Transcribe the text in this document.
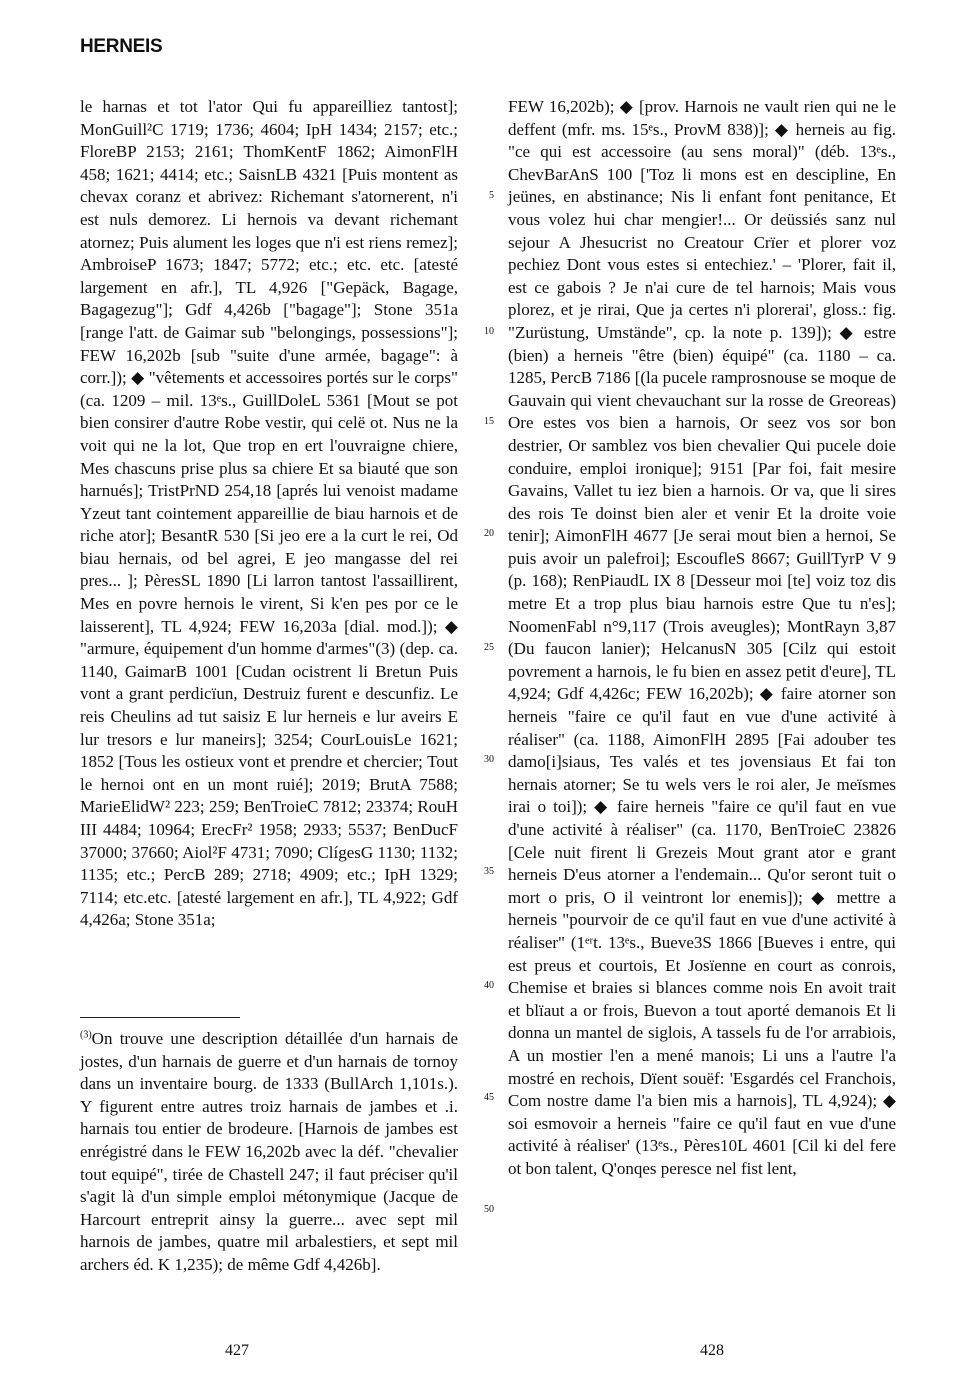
HERNEIS

le harnas et tot l'ator Qui fu appareilliez tantost]; MonGuill²C 1719; 1736; 4604; IpH 1434; 2157; etc.; FloreBP 2153; 2161; ThomKentF 1862; AimonFlH 458; 1621; 4414; etc.; SaisnLB 4321 [Puis montent as chevax coranz et abrivez: Richemant s'atornerent, n'i est nuls demorez. Li hernois va devant richemant atornez; Puis alument les loges que n'i est riens remez]; AmbroiseP 1673; 1847; 5772; etc.; etc. etc. [atesté largement en afr.], TL 4,926 ["Gepäck, Bagage, Bagagezug"]; Gdf 4,426b ["bagage"]; Stone 351a [range l'att. de Gaimar sub "belongings, possessions"]; FEW 16,202b [sub "suite d'une armée, bagage": à corr.]); ◆ "vêtements et accessoires portés sur le corps" (ca. 1209 – mil. 13ᵉs., GuillDoleL 5361 [Mout se pot bien consirer d'autre Robe vestir, qui celë ot. Nus ne la voit qui ne la lot, Que trop en ert l'ouvraigne chiere, Mes chascuns prise plus sa chiere Et sa biauté que son harnués]; TristPrND 254,18 [aprés lui venoist madame Yzeut tant cointement appareillie de biau harnois et de riche ator]; BesantR 530 [Si jeo ere a la curt le rei, Od biau hernais, od bel agrei, E jeo mangasse del rei pres... ]; PèresSL 1890 [Li larron tantost l'assaillirent, Mes en povre hernois le virent, Si k'en pes por ce le laisserent], TL 4,924; FEW 16,203a [dial. mod.]); ◆ "armure, équipement d'un homme d'armes"(3) (dep. ca. 1140, GaimarB 1001 [Cudan ocistrent li Bretun Puis vont a grant perdicïun, Destruiz furent e descunfiz. Le reis Cheulins ad tut saisiz E lur herneis e lur aveirs E lur tresors e lur maneirs]; 3254; CourLouisLe 1621; 1852 [Tous les ostieux vont et prendre et chercier; Tout le hernoi ont en un mont ruié]; 2019; BrutA 7588; MarieElidW² 223; 259; BenTroieC 7812; 23374; RouH III 4484; 10964; ErecFr² 1958; 2933; 5537; BenDucF 37000; 37660; Aiol²F 4731; 7090; ClígesG 1130; 1132; 1135; etc.; PercB 289; 2718; 4909; etc.; IpH 1329; 7114; etc.etc. [atesté largement en afr.], TL 4,922; Gdf 4,426a; Stone 351a;

$^{(3)}$On trouve une description détaillée d'un harnais de jostes, d'un harnais de guerre et d'un harnais de tornoy dans un inventaire bourg. de 1333 (BullArch 1,101s.). Y figurent entre autres troiz harnais de jambes et .i. harnais tou entier de brodeure. [Harnois de jambes est enrégistré dans le FEW 16,202b avec la déf. "chevalier tout equipé", tirée de Chastell 247; il faut préciser qu'il s'agit là d'un simple emploi métonymique (Jacque de Harcourt entreprit ainsy la guerre... avec sept mil harnois de jambes, quatre mil arbalestiers, et sept mil archers éd. K 1,235); de même Gdf 4,426b].
5
10
15
20
25
30
35
40
45
50

FEW 16,202b); ◆ [prov. Harnois ne vault rien qui ne le deffent (mfr. ms. 15ᵉs., ProvM 838)]; ◆ herneis au fig. "ce qui est accessoire (au sens moral)" (déb. 13ᵉs., ChevBarAnS 100 ['Toz li mons est en descipline, En jeünes, en abstinance; Nis li enfant font penitance, Et vous volez hui char mengier!... Or deüssiés sanz nul sejour A Jhesucrist no Creatour Crïer et plorer voz pechiez Dont vous estes si entechiez.' – 'Plorer, fait il, est ce gabois ? Je n'ai cure de tel harnois; Mais vous plorez, et je rirai, Que ja certes n'i plorerai', gloss.: fig. "Zurüstung, Umstände", cp. la note p. 139]); ◆ estre (bien) a herneis "être (bien) équipé" (ca. 1180 – ca. 1285, PercB 7186 [(la pucele ramprosnouse se moque de Gauvain qui vient chevauchant sur la rosse de Greoreas) Ore estes vos bien a harnois, Or seez vos sor bon destrier, Or samblez vos bien chevalier Qui pucele doie conduire, emploi ironique]; 9151 [Par foi, fait mesire Gavains, Vallet tu iez bien a harnois. Or va, que li sires des rois Te doinst bien aler et venir Et la droite voie tenir]; AimonFlH 4677 [Je serai mout bien a hernoi, Se puis avoir un palefroi]; EscoufleS 8667; GuillTyrP V 9 (p. 168); RenPiaudL IX 8 [Desseur moi [te] voiz toz dis metre Et a trop plus biau harnois estre Que tu n'es]; NoomenFabl n°9,117 (Trois aveugles); MontRayn 3,87 (Du faucon lanier); HelcanusN 305 [Cilz qui estoit povrement a harnois, le fu bien en assez petit d'eure], TL 4,924; Gdf 4,426c; FEW 16,202b); ◆ faire atorner son herneis "faire ce qu'il faut en vue d'une activité à réaliser" (ca. 1188, AimonFlH 2895 [Fai adouber tes damo[i]siaus, Tes valés et tes jovensiaus Et fai ton hernais atorner; Se tu wels vers le roi aler, Je meïsmes irai o toi]); ◆ faire herneis "faire ce qu'il faut en vue d'une activité à réaliser" (ca. 1170, BenTroieC 23826 [Cele nuit firent li Grezeis Mout grant ator e grant herneis D'eus atorner a l'endemain... Qu'or seront tuit o mort o pris, O il veintront lor enemis]); ◆ mettre a herneis "pourvoir de ce qu'il faut en vue d'une activité à réaliser" (1ᵉʳt. 13ᵉs., Bueve3S 1866 [Bueves i entre, qui est preus et courtois, Et Josïenne en court as conrois, Chemise et braies si blances comme nois En avoit trait et blïaut a or frois, Buevon a tout aporté demanois Et li donna un mantel de siglois, A tassels fu de l'or arrabiois, A un mostier l'en a mené manois; Li uns a l'autre l'a mostré en rechois, Dïent souëf: 'Esgardés cel Franchois, Com nostre dame l'a bien mis a harnois], TL 4,924); ◆ soi esmovoir a herneis "faire ce qu'il faut en vue d'une activité à réaliser' (13ᵉs., Pères10L 4601 [Cil ki del fere ot bon talent, Q'onqes peresce nel fist lent,

427	428
